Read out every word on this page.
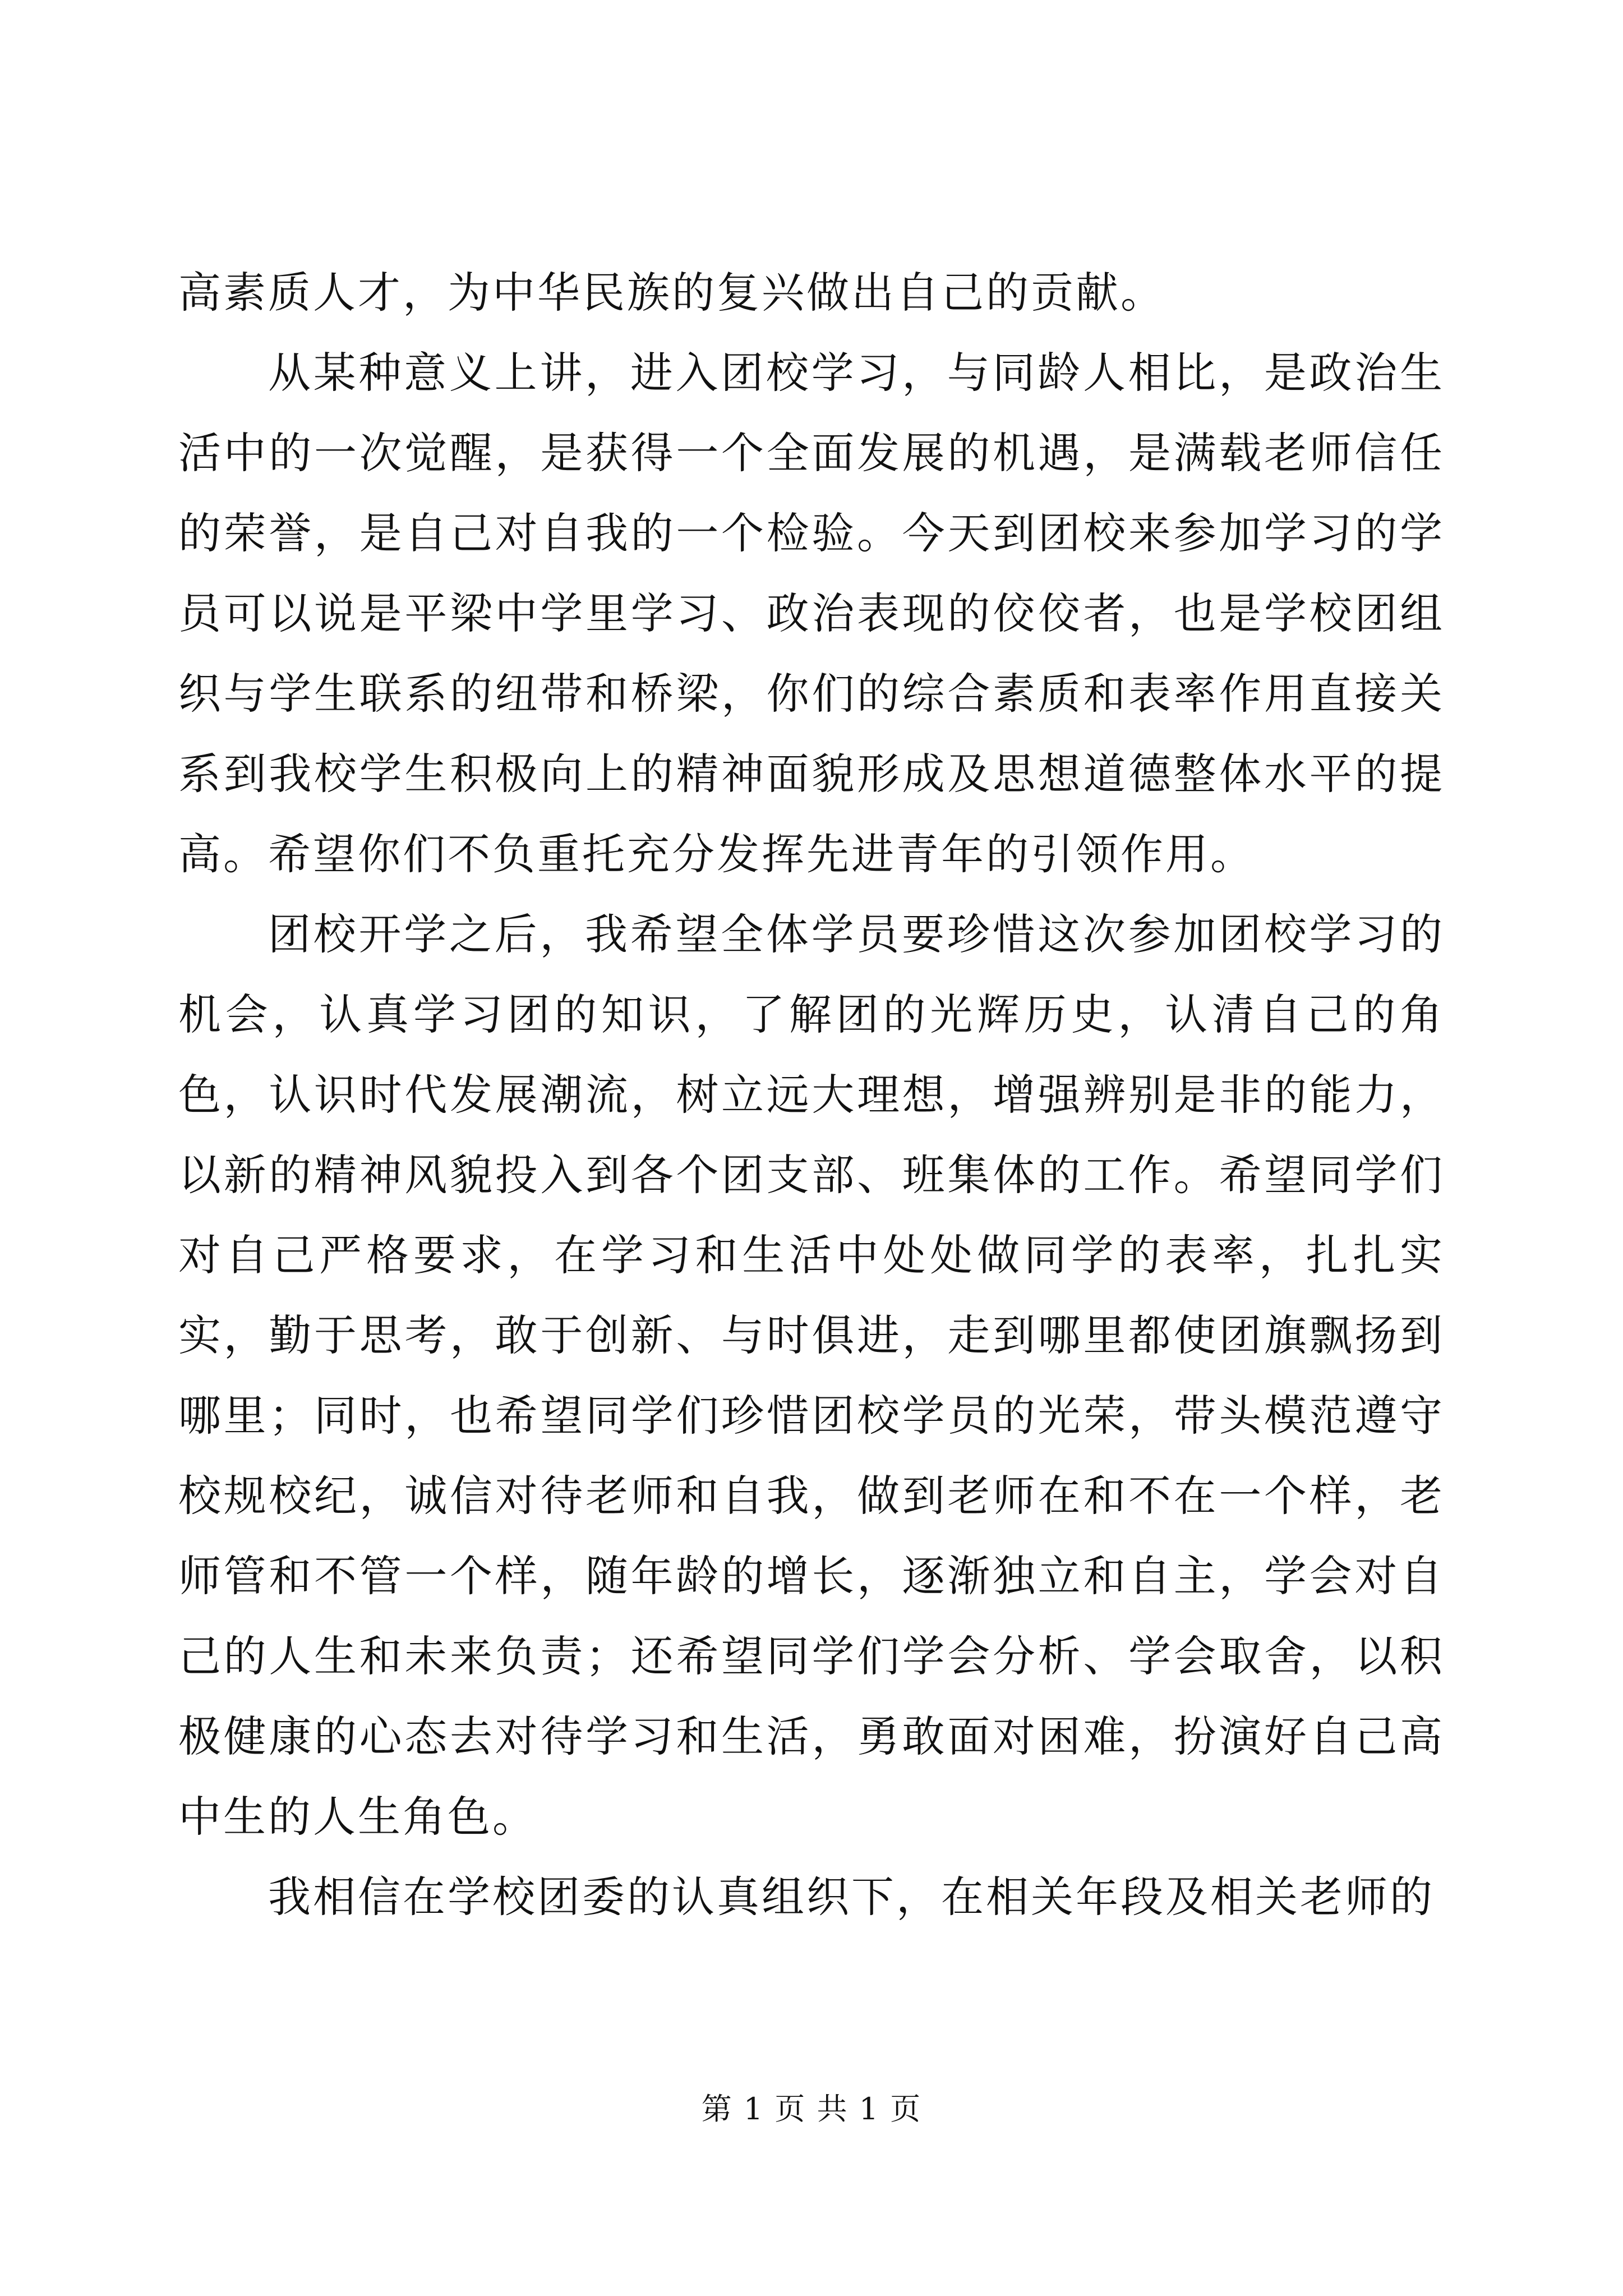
高素质人才，为中华民族的复兴做出自己的贡献。

从某种意义上讲，进入团校学习，与同龄人相比，是政治生活中的一次觉醒，是获得一个全面发展的机遇，是满载老师信任的荣誉，是自己对自我的一个检验。今天到团校来参加学习的学员可以说是平梁中学里学习、政治表现的佼佼者，也是学校团组织与学生联系的纽带和桥梁，你们的综合素质和表率作用直接关系到我校学生积极向上的精神面貌形成及思想道德整体水平的提高。希望你们不负重托充分发挥先进青年的引领作用。

团校开学之后，我希望全体学员要珍惜这次参加团校学习的机会，认真学习团的知识，了解团的光辉历史，认清自己的角色，认识时代发展潮流，树立远大理想，增强辨别是非的能力，以新的精神风貌投入到各个团支部、班集体的工作。希望同学们对自己严格要求，在学习和生活中处处做同学的表率，扎扎实实，勤于思考，敢于创新、与时俱进，走到哪里都使团旗飘扬到哪里；同时，也希望同学们珍惜团校学员的光荣，带头模范遵守校规校纪，诚信对待老师和自我，做到老师在和不在一个样，老师管和不管一个样，随年龄的增长，逐渐独立和自主，学会对自己的人生和未来负责；还希望同学们学会分析、学会取舍，以积极健康的心态去对待学习和生活，勇敢面对困难，扮演好自己高中生的人生角色。

我相信在学校团委的认真组织下，在相关年段及相关老师的

第 1 页 共 1 页
